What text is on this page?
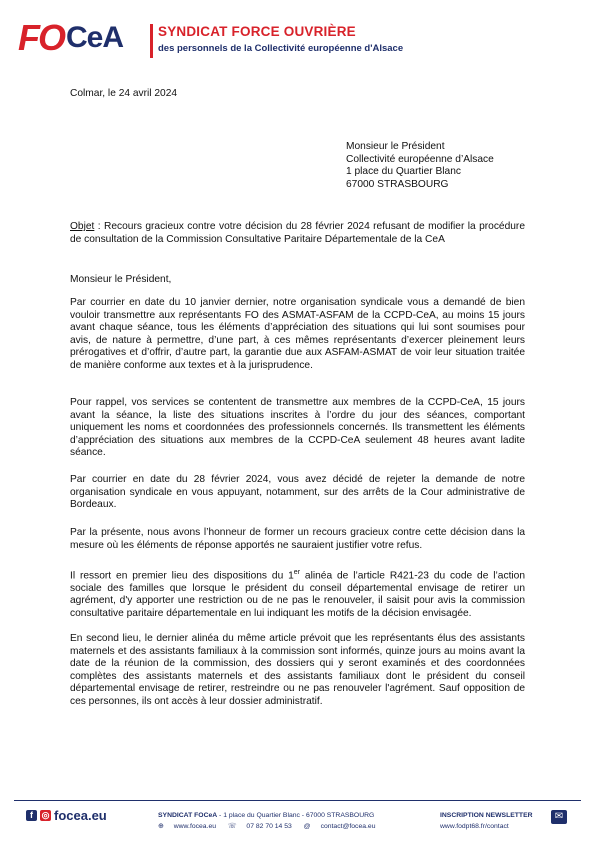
FO CeA	SYNDICAT FORCE OUVRIÈRE
des personnels de la Collectivité européenne d'Alsace
Colmar, le 24 avril 2024
Monsieur le Président
Collectivité européenne d’Alsace
1 place du Quartier Blanc
67000 STRASBOURG
Objet : Recours gracieux contre votre décision du 28 février 2024 refusant de modifier la procédure de consultation de la Commission Consultative Paritaire Départementale de la CeA
Monsieur le Président,
Par courrier en date du 10 janvier dernier, notre organisation syndicale vous a demandé de bien vouloir transmettre aux représentants FO des ASMAT-ASFAM de la CCPD-CeA, au moins 15 jours avant chaque séance, tous les éléments d’appréciation des situations qui lui sont soumises pour avis, de nature à permettre, d’une part, à ces mêmes représentants d’exercer pleinement leurs prérogatives et d’offrir, d’autre part, la garantie due aux ASFAM-ASMAT de voir leur situation traitée de manière conforme aux textes et à la jurisprudence.
Pour rappel, vos services se contentent de transmettre aux membres de la CCPD-CeA, 15 jours avant la séance, la liste des situations inscrites à l’ordre du jour des séances, comportant uniquement les noms et coordonnées des professionnels concernés. Ils transmettent les éléments d’appréciation des situations aux membres de la CCPD-CeA seulement 48 heures avant ladite séance.
Par courrier en date du 28 février 2024, vous avez décidé de rejeter la demande de notre organisation syndicale en vous appuyant, notamment, sur des arrêts de la Cour administrative de Bordeaux.
Par la présente, nous avons l’honneur de former un recours gracieux contre cette décision dans la mesure où les éléments de réponse apportés ne sauraient justifier votre refus.
Il ressort en premier lieu des dispositions du 1er alinéa de l’article R421-23 du code de l’action sociale des familles que lorsque le président du conseil départemental envisage de retirer un agrément, d'y apporter une restriction ou de ne pas le renouveler, il saisit pour avis la commission consultative paritaire départementale en lui indiquant les motifs de la décision envisagée.
En second lieu, le dernier alinéa du même article prévoit que les représentants élus des assistants maternels et des assistants familiaux à la commission sont informés, quinze jours au moins avant la date de la réunion de la commission, des dossiers qui y seront examinés et des coordonnées complètes des assistants maternels et des assistants familiaux dont le président du conseil départemental envisage de retirer, restreindre ou ne pas renouveler l'agrément. Sauf opposition de ces personnes, ils ont accès à leur dossier administratif.
f ◎ focea.eu	SYNDICAT FOCeA - 1 place du Quartier Blanc - 67000 STRASBOURG
⊕ www.focea.eu ☏ 07 82 70 14 53 @ contact@focea.eu
INSCRIPTION NEWSLETTER
www.fodpt68.fr/contact
✉
